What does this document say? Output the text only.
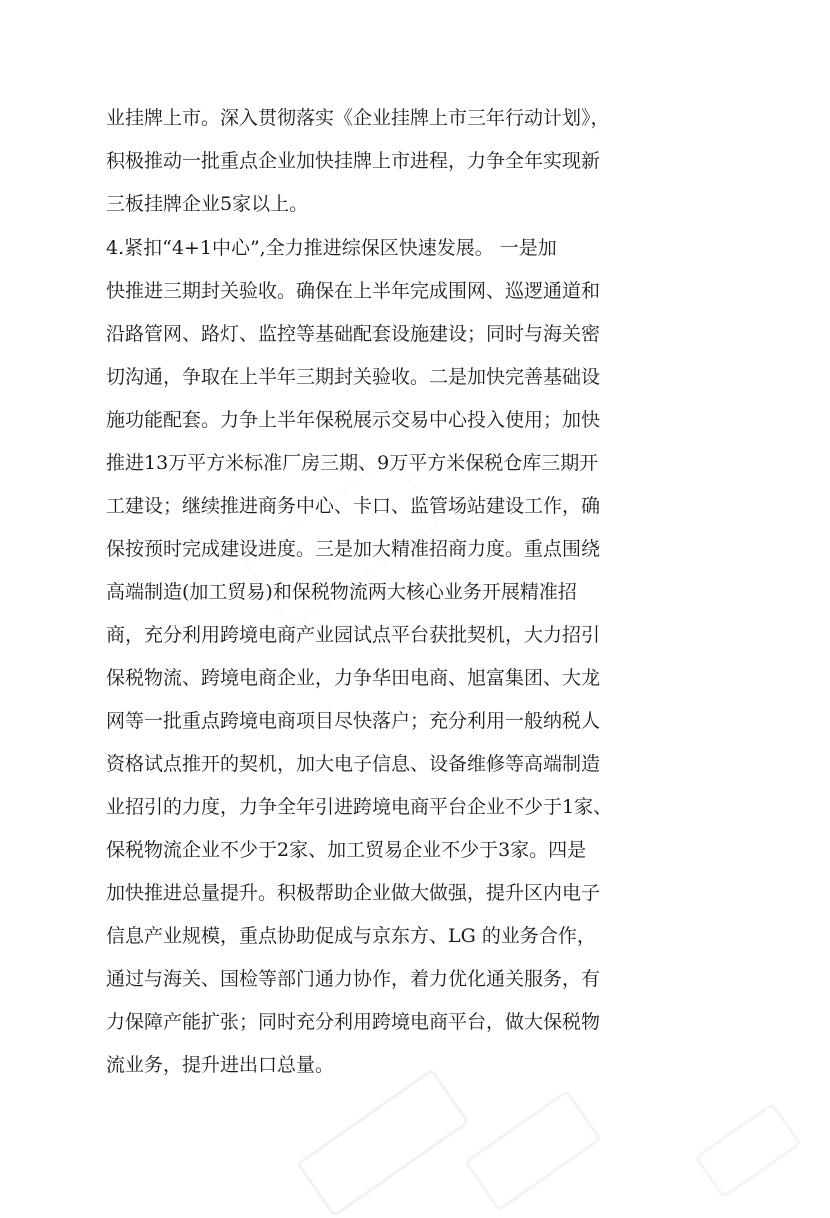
业挂牌上市。深入贯彻落实《企业挂牌上市三年行动计划》，
积极推动一批重点企业加快挂牌上市进程，力争全年实现新
三板挂牌企业5家以上。
4.紧扣“4+1中心”,全力推进综保区快速发展。 一是加
快推进三期封关验收。确保在上半年完成围网、巡逻通道和
沿路管网、路灯、监控等基础配套设施建设；同时与海关密
切沟通，争取在上半年三期封关验收。二是加快完善基础设
施功能配套。力争上半年保税展示交易中心投入使用；加快
推进13万平方米标准厂房三期、9万平方米保税仓库三期开
工建设；继续推进商务中心、卡口、监管场站建设工作，确
保按预时完成建设进度。三是加大精准招商力度。重点围绕
高端制造(加工贸易)和保税物流两大核心业务开展精准招
商，充分利用跨境电商产业园试点平台获批契机，大力招引
保税物流、跨境电商企业，力争华田电商、旭富集团、大龙
网等一批重点跨境电商项目尽快落户；充分利用一般纳税人
资格试点推开的契机，加大电子信息、设备维修等高端制造
业招引的力度，力争全年引进跨境电商平台企业不少于1家、
保税物流企业不少于2家、加工贸易企业不少于3家。四是
加快推进总量提升。积极帮助企业做大做强，提升区内电子
信息产业规模，重点协助促成与京东方、LG 的业务合作，
通过与海关、国检等部门通力协作，着力优化通关服务，有
力保障产能扩张；同时充分利用跨境电商平台，做大保税物
流业务，提升进出口总量。
